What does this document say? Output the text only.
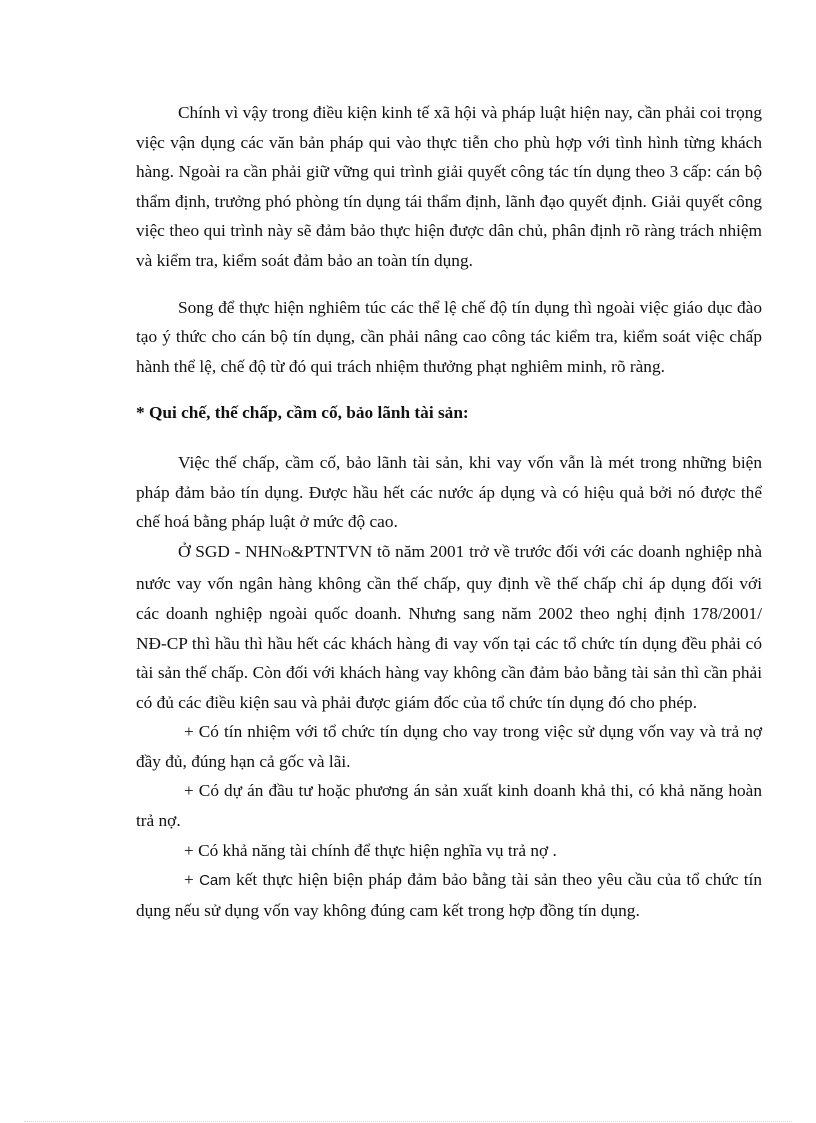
Chính vì vậy trong điều kiện kinh tế xã hội và pháp luật hiện nay, cần phải coi trọng việc vận dụng các văn bản pháp qui vào thực tiễn cho phù hợp với tình hình từng khách hàng. Ngoài ra cần phải giữ vững qui trình giải quyết công tác tín dụng theo 3 cấp: cán bộ thẩm định, trưởng phó phòng tín dụng tái thẩm định, lãnh đạo quyết định. Giải quyết công việc theo qui trình này sẽ đảm bảo thực hiện được dân chủ, phân định rõ ràng trách nhiệm và kiểm tra, kiểm soát đảm bảo an toàn tín dụng.

Song để thực hiện nghiêm túc các thể lệ chế độ tín dụng thì ngoài việc giáo dục đào tạo ý thức cho cán bộ tín dụng, cần phải nâng cao công tác kiểm tra, kiểm soát việc chấp hành thể lệ, chế độ từ đó qui trách nhiệm thưởng phạt nghiêm minh, rõ ràng.

* Qui chế, thế chấp, cầm cố, bảo lãnh tài sản:

Việc thế chấp, cầm cố, bảo lãnh tài sản, khi vay vốn vẫn là mét trong những biện pháp đảm bảo tín dụng. Được hầu hết các nước áp dụng và có hiệu quả bởi nó được thể chế hoá bằng pháp luật ở mức độ cao.

Ở SGD - NHNO&PTNTVN tõ năm 2001 trở về trước đối với các doanh nghiệp nhà nước vay vốn ngân hàng không cần thế chấp, quy định về thế chấp chỉ áp dụng đối với các doanh nghiệp ngoài quốc doanh. Nhưng sang năm 2002 theo nghị định 178/2001/ NĐ-CP thì hầu thì hầu hết các khách hàng đi vay vốn tại các tổ chức tín dụng đều phải có tài sản thế chấp. Còn đối với khách hàng vay không cần đảm bảo bằng tài sản thì cần phải có đủ các điều kiện sau và phải được giám đốc của tổ chức tín dụng đó cho phép.

+ Có tín nhiệm với tổ chức tín dụng cho vay trong việc sử dụng vốn vay và trả nợ đầy đủ, đúng hạn cả gốc và lãi.

+ Có dự án đầu tư hoặc phương án sản xuất kinh doanh khả thi, có khả năng hoàn trả nợ.

+ Có khả năng tài chính để thực hiện nghĩa vụ trả nợ .

+ Cam kết thực hiện biện pháp đảm bảo bằng tài sản theo yêu cầu của tổ chức tín dụng nếu sử dụng vốn vay không đúng cam kết trong hợp đồng tín dụng.
